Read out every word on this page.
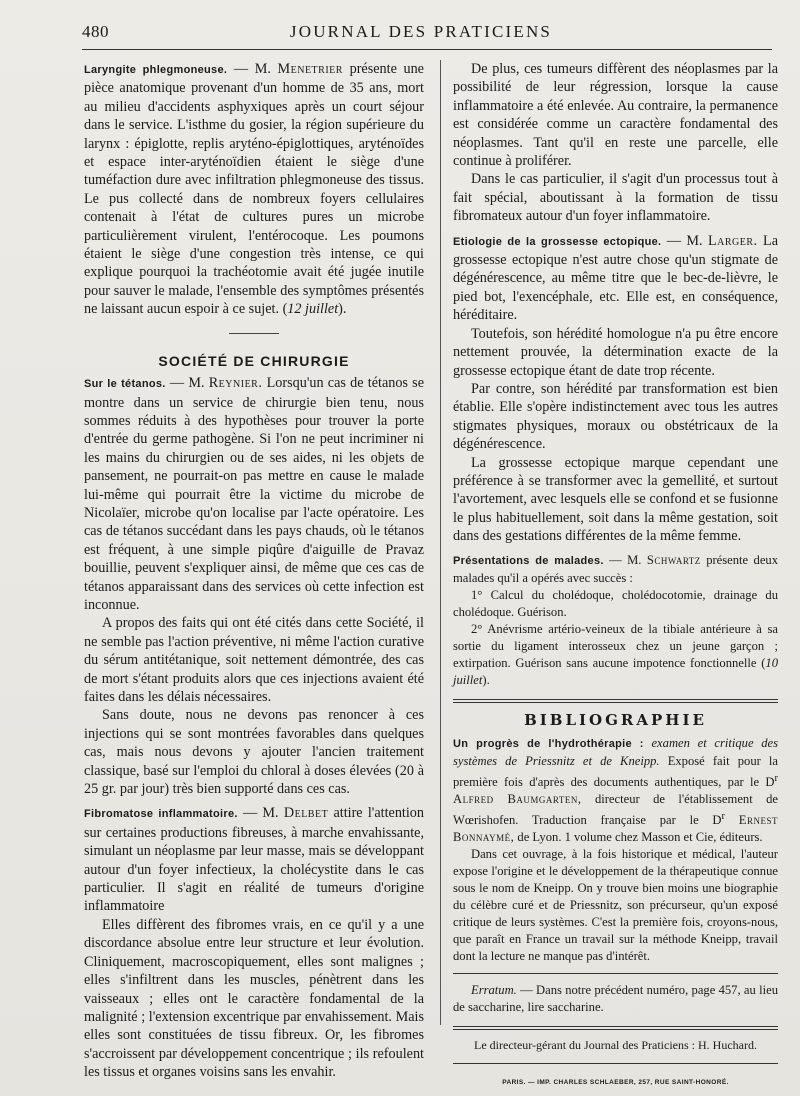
480	JOURNAL DES PRATICIENS

Laryngite phlegmoneuse. — M. Menetrier présente une pièce anatomique provenant d'un homme de 35 ans, mort au milieu d'accidents asphyxiques après un court séjour dans le service. L'isthme du gosier, la région supérieure du larynx : épiglotte, replis aryténo-épiglottiques, aryténoïdes et espace inter-aryténoïdien étaient le siège d'une tuméfaction dure avec infiltration phlegmoneuse des tissus. Le pus collecté dans de nombreux foyers cellulaires contenait à l'état de cultures pures un microbe particulièrement virulent, l'entérocoque. Les poumons étaient le siège d'une congestion très intense, ce qui explique pourquoi la trachéotomie avait été jugée inutile pour sauver le malade, l'ensemble des symptômes présentés ne laissant aucun espoir à ce sujet. (12 juillet).

SOCIÉTÉ DE CHIRURGIE

Sur le tétanos. — M. Reynier. Lorsqu'un cas de tétanos se montre dans un service de chirurgie bien tenu, nous sommes réduits à des hypothèses pour trouver la porte d'entrée du germe pathogène. Si l'on ne peut incriminer ni les mains du chirurgien ou de ses aides, ni les objets de pansement, ne pourrait-on pas mettre en cause le malade lui-même qui pourrait être la victime du microbe de Nicolaïer, microbe qu'on localise par l'acte opératoire. Les cas de tétanos succédant dans les pays chauds, où le tétanos est fréquent, à une simple piqûre d'aiguille de Pravaz bouillie, peuvent s'expliquer ainsi, de même que ces cas de tétanos apparaissant dans des services où cette infection est inconnue.

A propos des faits qui ont été cités dans cette Société, il ne semble pas l'action préventive, ni même l'action curative du sérum antitétanique, soit nettement démontrée, des cas de mort s'étant produits alors que ces injections avaient été faites dans les délais nécessaires.

Sans doute, nous ne devons pas renoncer à ces injections qui se sont montrées favorables dans quelques cas, mais nous devons y ajouter l'ancien traitement classique, basé sur l'emploi du chloral à doses élevées (20 à 25 gr. par jour) très bien supporté dans ces cas.

Fibromatose inflammatoire. — M. Delbet attire l'attention sur certaines productions fibreuses, à marche envahissante, simulant un néoplasme par leur masse, mais se développant autour d'un foyer infectieux, la cholécystite dans le cas particulier. Il s'agit en réalité de tumeurs d'origine inflammatoire

Elles diffèrent des fibromes vrais, en ce qu'il y a une discordance absolue entre leur structure et leur évolution. Cliniquement, macroscopiquement, elles sont malignes ; elles s'infiltrent dans les muscles, pénètrent dans les vaisseaux ; elles ont le caractère fondamental de la malignité ; l'extension excentrique par envahissement. Mais elles sont constituées de tissu fibreux. Or, les fibromes s'accroissent par développement concentrique ; ils refoulent les tissus et organes voisins sans les envahir.

De plus, ces tumeurs diffèrent des néoplasmes par la possibilité de leur régression, lorsque la cause inflammatoire a été enlevée. Au contraire, la permanence est considérée comme un caractère fondamental des néoplasmes. Tant qu'il en reste une parcelle, elle continue à proliférer.

Dans le cas particulier, il s'agit d'un processus tout à fait spécial, aboutissant à la formation de tissu fibromateux autour d'un foyer inflammatoire.

Etiologie de la grossesse ectopique. — M. Larger. La grossesse ectopique n'est autre chose qu'un stigmate de dégénérescence, au même titre que le bec-de-lièvre, le pied bot, l'exencéphale, etc. Elle est, en conséquence, héréditaire.

Toutefois, son hérédité homologue n'a pu être encore nettement prouvée, la détermination exacte de la grossesse ectopique étant de date trop récente.

Par contre, son hérédité par transformation est bien établie. Elle s'opère indistinctement avec tous les autres stigmates physiques, moraux ou obstétricaux de la dégénérescence.

La grossesse ectopique marque cependant une préférence à se transformer avec la gemellité, et surtout l'avortement, avec lesquels elle se confond et se fusionne le plus habituellement, soit dans la même gestation, soit dans des gestations différentes de la même femme.

Présentations de malades. — M. Schwartz présente deux malades qu'il a opérés avec succès :

1° Calcul du cholédoque, cholédocotomie, drainage du cholédoque. Guérison.

2° Anévrisme artério-veineux de la tibiale antérieure à sa sortie du ligament interosseux chez un jeune garçon ; extirpation. Guérison sans aucune impotence fonctionnelle (10 juillet).

BIBLIOGRAPHIE

Un progrès de l'hydrothérapie : examen et critique des systèmes de Priessnitz et de Kneipp. Exposé fait pour la première fois d'après des documents authentiques, par le $D^r$ Alfred Baumgarten, directeur de l'établissement de Wœrishofen. Traduction française par le $D^r$ Ernest Bonnaymé, de Lyon. 1 volume chez Masson et Cie, éditeurs.

Dans cet ouvrage, à la fois historique et médical, l'auteur expose l'origine et le développement de la thérapeutique connue sous le nom de Kneipp. On y trouve bien moins une biographie du célèbre curé et de Priessnitz, son précurseur, qu'un exposé critique de leurs systèmes. C'est la première fois, croyons-nous, que paraît en France un travail sur la méthode Kneipp, travail dont la lecture ne manque pas d'intérêt.

Erratum. — Dans notre précédent numéro, page 457, au lieu de saccharine, lire saccharine.

Le directeur-gérant du Journal des Praticiens : H. Huchard.
PARIS. — IMP. CHARLES SCHLAEBER, 257, RUE SAINT-HONORÉ.
